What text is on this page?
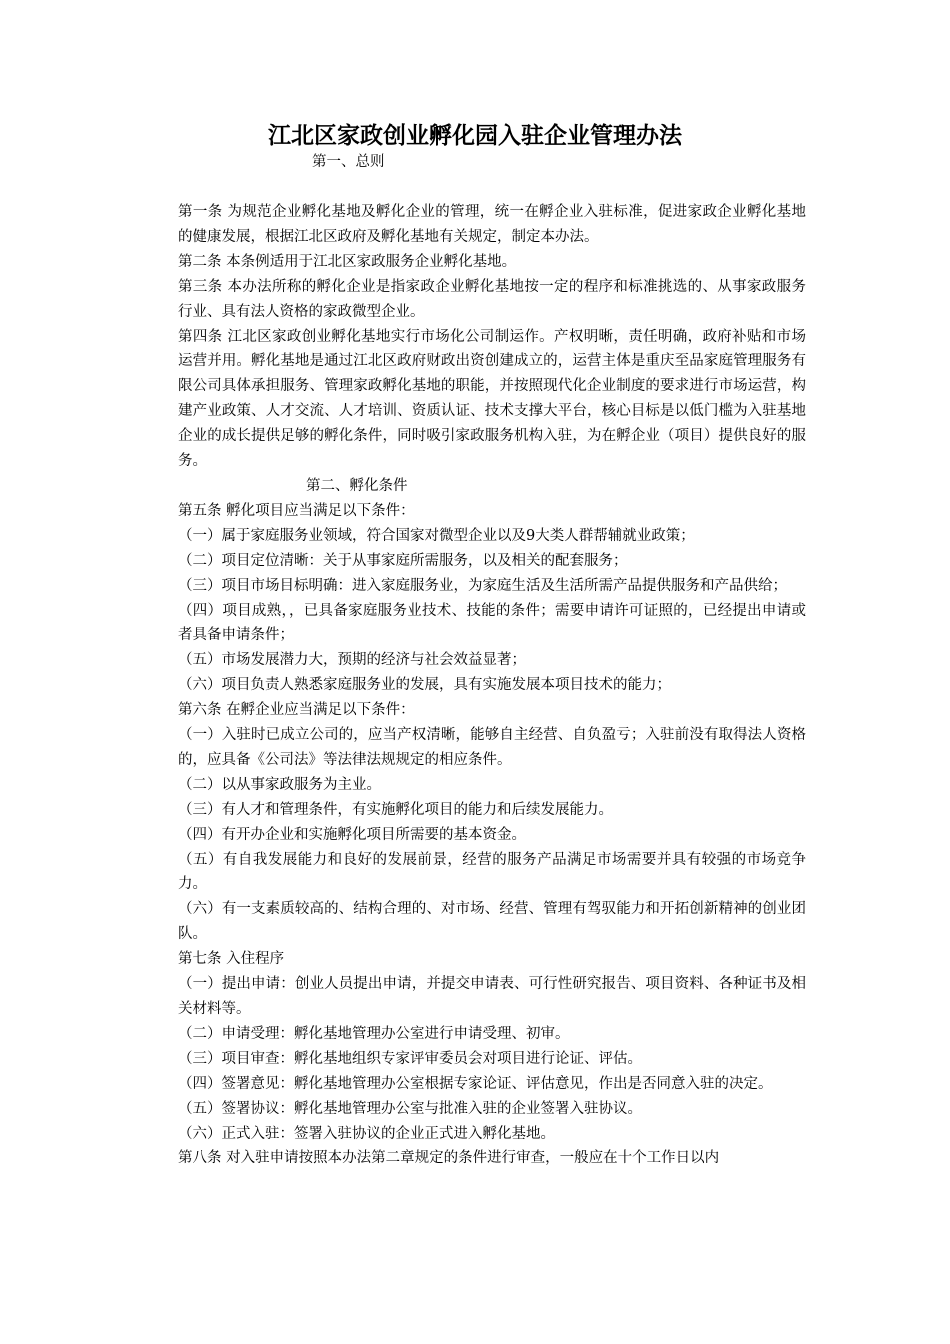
江北区家政创业孵化园入驻企业管理办法
第一、总则

第一条 为规范企业孵化基地及孵化企业的管理，统一在孵企业入驻标准，促进家政企业孵化基地的健康发展，根据江北区政府及孵化基地有关规定，制定本办法。

第二条 本条例适用于江北区家政服务企业孵化基地。

第三条 本办法所称的孵化企业是指家政企业孵化基地按一定的程序和标准挑选的、从事家政服务行业、具有法人资格的家政微型企业。

第四条 江北区家政创业孵化基地实行市场化公司制运作。产权明晰，责任明确，政府补贴和市场运营并用。孵化基地是通过江北区政府财政出资创建成立的，运营主体是重庆至品家庭管理服务有限公司具体承担服务、管理家政孵化基地的职能，并按照现代化企业制度的要求进行市场运营，构建产业政策、人才交流、人才培训、资质认证、技术支撑大平台，核心目标是以低门槛为入驻基地企业的成长提供足够的孵化条件，同时吸引家政服务机构入驻，为在孵企业（项目）提供良好的服务。

第二、孵化条件

第五条 孵化项目应当满足以下条件：

（一）属于家庭服务业领域，符合国家对微型企业以及9大类人群帮辅就业政策；

（二）项目定位清晰：关于从事家庭所需服务，以及相关的配套服务；

（三）项目市场目标明确：进入家庭服务业，为家庭生活及生活所需产品提供服务和产品供给；

（四）项目成熟，，已具备家庭服务业技术、技能的条件；需要申请许可证照的，已经提出申请或者具备申请条件；

（五）市场发展潜力大，预期的经济与社会效益显著；

（六）项目负责人熟悉家庭服务业的发展，具有实施发展本项目技术的能力；

第六条 在孵企业应当满足以下条件：

（一）入驻时已成立公司的，应当产权清晰，能够自主经营、自负盈亏；入驻前没有取得法人资格的，应具备《公司法》等法律法规规定的相应条件。

（二）以从事家政服务为主业。

（三）有人才和管理条件，有实施孵化项目的能力和后续发展能力。

（四）有开办企业和实施孵化项目所需要的基本资金。

（五）有自我发展能力和良好的发展前景，经营的服务产品满足市场需要并具有较强的市场竞争力。

（六）有一支素质较高的、结构合理的、对市场、经营、管理有驾驭能力和开拓创新精神的创业团队。

第七条 入住程序

（一）提出申请：创业人员提出申请，并提交申请表、可行性研究报告、项目资料、各种证书及相关材料等。

（二）申请受理：孵化基地管理办公室进行申请受理、初审。

（三）项目审查：孵化基地组织专家评审委员会对项目进行论证、评估。

（四）签署意见：孵化基地管理办公室根据专家论证、评估意见，作出是否同意入驻的决定。

（五）签署协议：孵化基地管理办公室与批准入驻的企业签署入驻协议。

（六）正式入驻：签署入驻协议的企业正式进入孵化基地。

第八条 对入驻申请按照本办法第二章规定的条件进行审查，一般应在十个工作日以内
